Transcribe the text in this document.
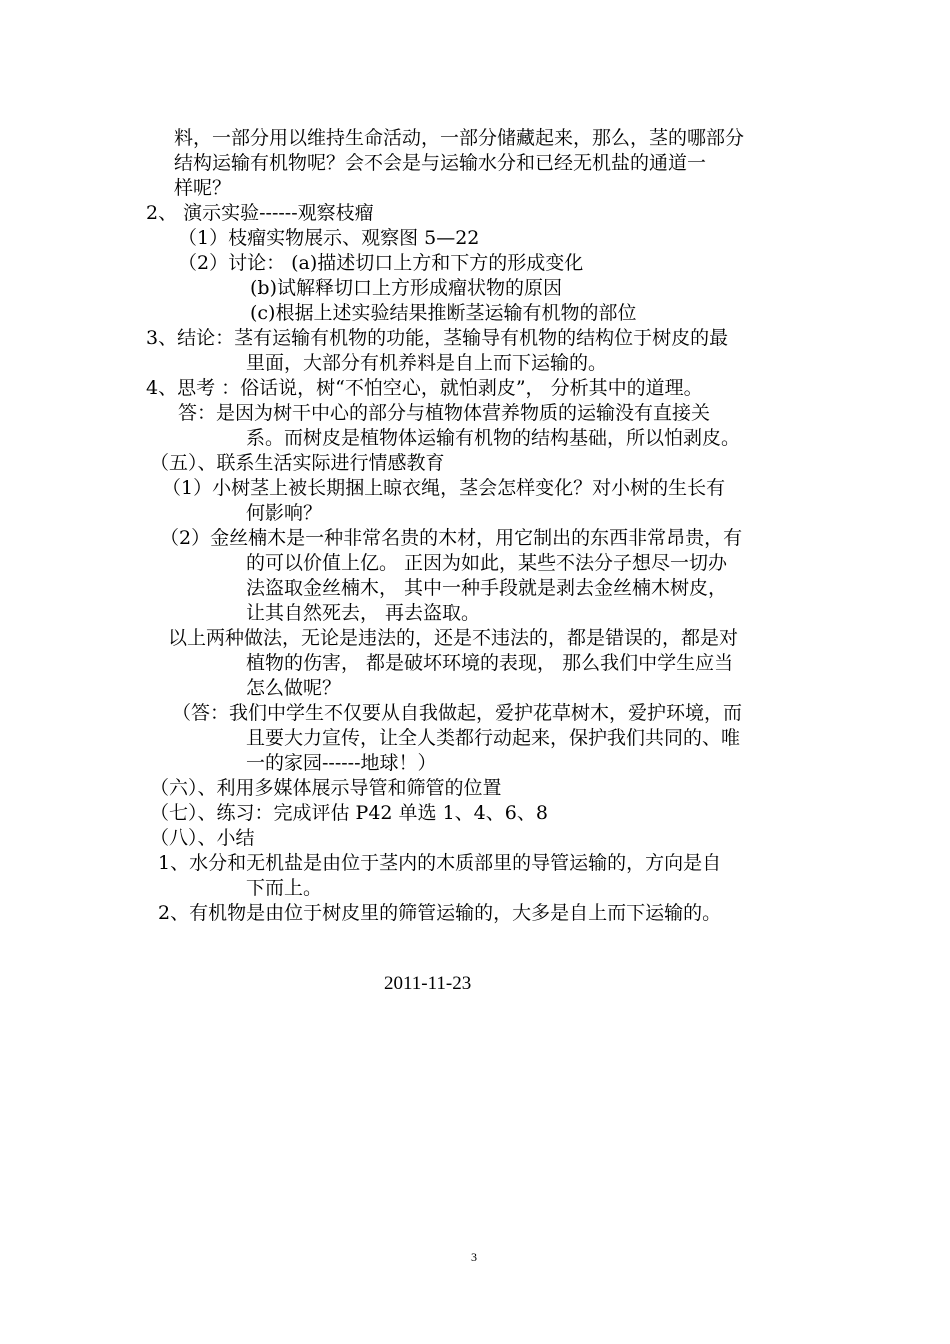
料，一部分用以维持生命活动，一部分储藏起来，那么，茎的哪部分
结构运输有机物呢？会不会是与运输水分和已经无机盐的通道一
样呢？
2、 演示实验------观察枝瘤
（1）枝瘤实物展示、观察图 5—22
（2）讨论： (a)描述切口上方和下方的形成变化
(b)试解释切口上方形成瘤状物的原因
(c)根据上述实验结果推断茎运输有机物的部位
3、结论：茎有运输有机物的功能，茎输导有机物的结构位于树皮的最
里面，大部分有机养料是自上而下运输的。
4、思考 ：俗话说，树“不怕空心，就怕剥皮”， 分析其中的道理。
答：是因为树干中心的部分与植物体营养物质的运输没有直接关
系。而树皮是植物体运输有机物的结构基础，所以怕剥皮。
（五）、联系生活实际进行情感教育
（1）小树茎上被长期捆上晾衣绳，茎会怎样变化？对小树的生长有
何影响？
（2）金丝楠木是一种非常名贵的木材，用它制出的东西非常昂贵，有
的可以价值上亿。 正因为如此，某些不法分子想尽一切办
法盗取金丝楠木， 其中一种手段就是剥去金丝楠木树皮，
让其自然死去， 再去盗取。
以上两种做法，无论是违法的，还是不违法的，都是错误的，都是对
植物的伤害， 都是破坏环境的表现， 那么我们中学生应当
怎么做呢？
（答：我们中学生不仅要从自我做起，爱护花草树木，爱护环境，而
且要大力宣传，让全人类都行动起来，保护我们共同的、唯
一的家园------地球！）
（六）、利用多媒体展示导管和筛管的位置
（七）、练习：完成评估 P42 单选 1、4、6、8
（八）、小结
1、水分和无机盐是由位于茎内的木质部里的导管运输的，方向是自
下而上。
2、有机物是由位于树皮里的筛管运输的，大多是自上而下运输的。
2011-11-23
3
